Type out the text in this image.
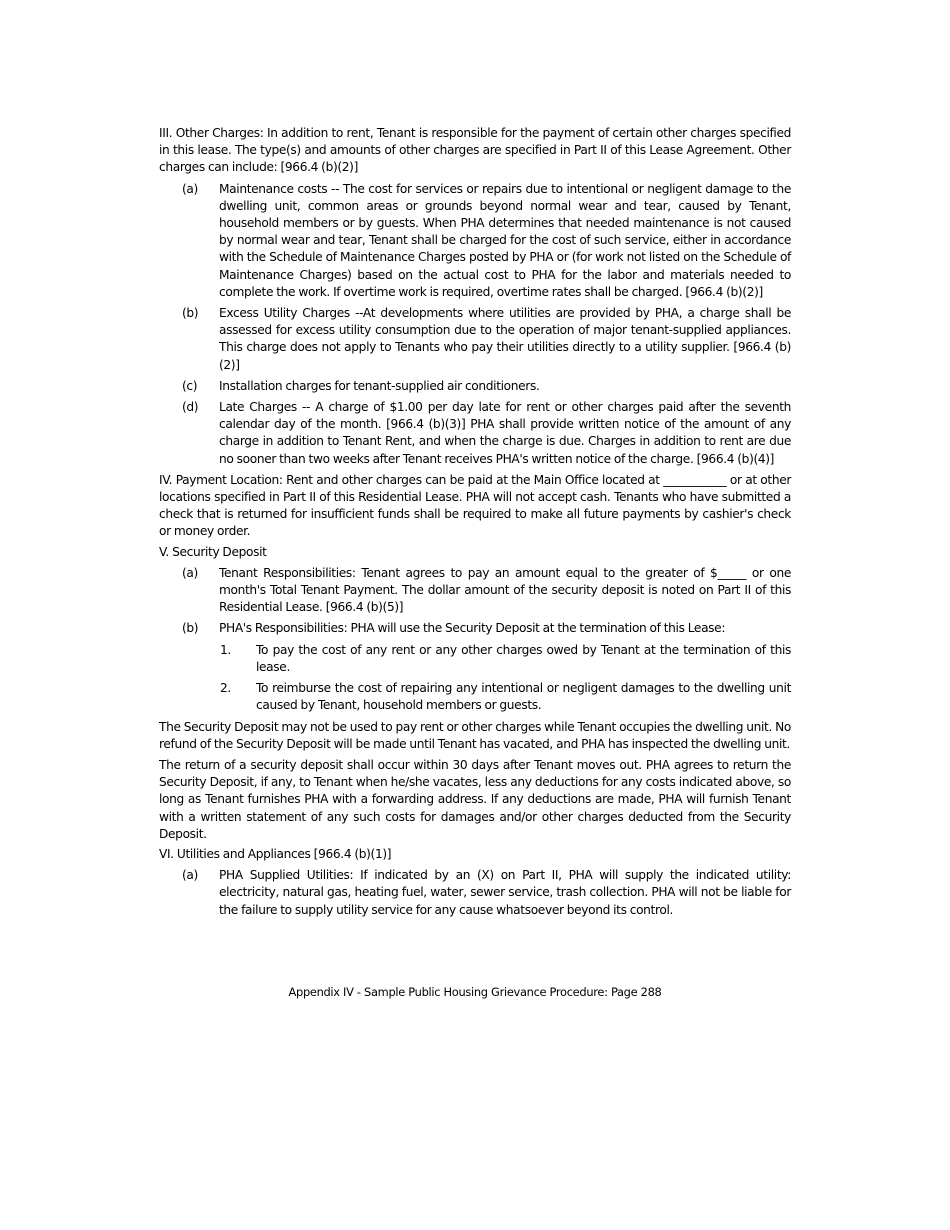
III. Other Charges: In addition to rent, Tenant is responsible for the payment of certain other charges specified in this lease. The type(s) and amounts of other charges are specified in Part II of this Lease Agreement. Other charges can include: [966.4 (b)(2)]

(a)	Maintenance costs -- The cost for services or repairs due to intentional or negligent damage to the dwelling unit, common areas or grounds beyond normal wear and tear, caused by Tenant, household members or by guests. When PHA determines that needed maintenance is not caused by normal wear and tear, Tenant shall be charged for the cost of such service, either in accordance with the Schedule of Maintenance Charges posted by PHA or (for work not listed on the Schedule of Maintenance Charges) based on the actual cost to PHA for the labor and materials needed to complete the work. If overtime work is required, overtime rates shall be charged. [966.4 (b)(2)]
(b)	Excess Utility Charges --At developments where utilities are provided by PHA, a charge shall be assessed for excess utility consumption due to the operation of major tenant-supplied appliances. This charge does not apply to Tenants who pay their utilities directly to a utility supplier. [966.4 (b)(2)]
(c)	Installation charges for tenant-supplied air conditioners.
(d)	Late Charges -- A charge of $1.00 per day late for rent or other charges paid after the seventh calendar day of the month. [966.4 (b)(3)] PHA shall provide written notice of the amount of any charge in addition to Tenant Rent, and when the charge is due. Charges in addition to rent are due no sooner than two weeks after Tenant receives PHA's written notice of the charge. [966.4 (b)(4)]

IV. Payment Location: Rent and other charges can be paid at the Main Office located at ___________ or at other locations specified in Part II of this Residential Lease. PHA will not accept cash. Tenants who have submitted a check that is returned for insufficient funds shall be required to make all future payments by cashier's check or money order.

V. Security Deposit

(a)	Tenant Responsibilities: Tenant agrees to pay an amount equal to the greater of $_____ or one month's Total Tenant Payment. The dollar amount of the security deposit is noted on Part II of this Residential Lease. [966.4 (b)(5)]
(b)	PHA's Responsibilities: PHA will use the Security Deposit at the termination of this Lease:
1.	To pay the cost of any rent or any other charges owed by Tenant at the termination of this lease.
2.	To reimburse the cost of repairing any intentional or negligent damages to the dwelling unit caused by Tenant, household members or guests.

The Security Deposit may not be used to pay rent or other charges while Tenant occupies the dwelling unit. No refund of the Security Deposit will be made until Tenant has vacated, and PHA has inspected the dwelling unit.

The return of a security deposit shall occur within 30 days after Tenant moves out. PHA agrees to return the Security Deposit, if any, to Tenant when he/she vacates, less any deductions for any costs indicated above, so long as Tenant furnishes PHA with a forwarding address. If any deductions are made, PHA will furnish Tenant with a written statement of any such costs for damages and/or other charges deducted from the Security Deposit.

VI. Utilities and Appliances [966.4 (b)(1)]

(a)	PHA Supplied Utilities: If indicated by an (X) on Part II, PHA will supply the indicated utility: electricity, natural gas, heating fuel, water, sewer service, trash collection. PHA will not be liable for the failure to supply utility service for any cause whatsoever beyond its control.
Appendix IV - Sample Public Housing Grievance Procedure: Page 288
